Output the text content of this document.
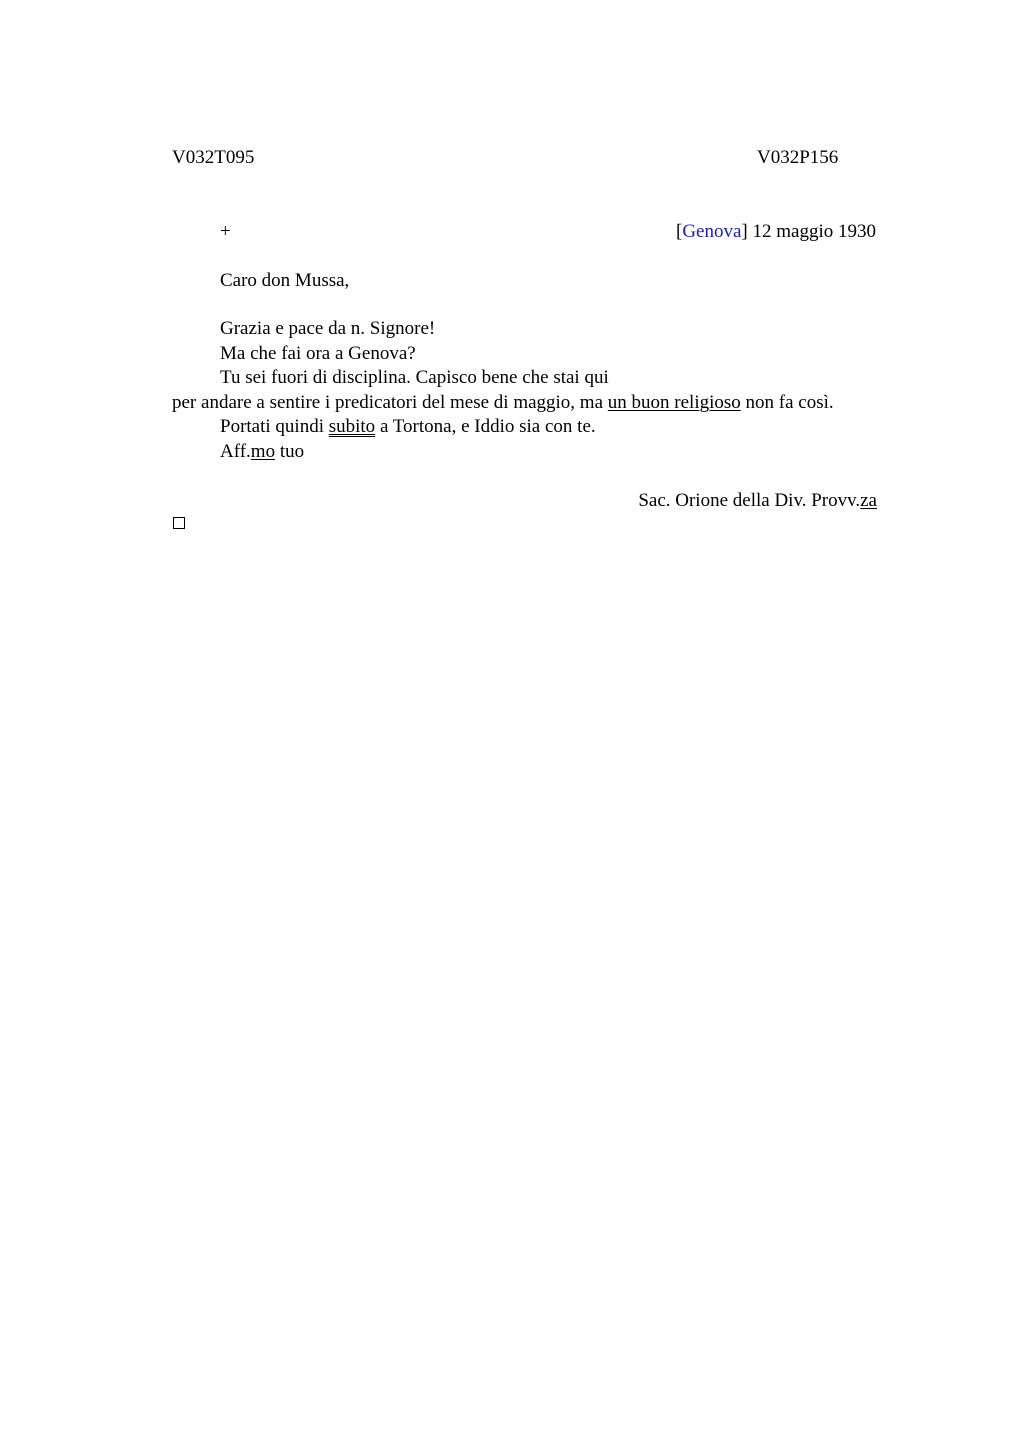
V032T095	V032P156
+	[Genova] 12 maggio 1930
Caro don Mussa,
Grazia e pace da n. Signore!
Ma che fai ora a Genova?
Tu sei fuori di disciplina. Capisco bene che stai qui
per andare a sentire i predicatori del mese di maggio, ma un buon religioso non fa così.
Portati quindi subito a Tortona, e Iddio sia con te.
Aff.mo tuo
Sac. Orione della Div. Provv.za
